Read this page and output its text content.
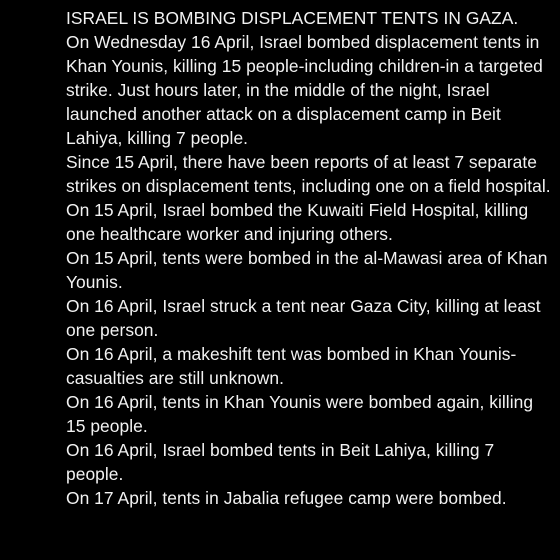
ISRAEL IS BOMBING DISPLACEMENT TENTS IN GAZA.

On Wednesday 16 April, Israel bombed displacement tents in Khan Younis, killing 15 people-including children-in a targeted strike. Just hours later, in the middle of the night, Israel launched another attack on a displacement camp in Beit Lahiya, killing 7 people.

Since 15 April, there have been reports of at least 7 separate strikes on displacement tents, including one on a field hospital.

On 15 April, Israel bombed the Kuwaiti Field Hospital, killing one healthcare worker and injuring others.

On 15 April, tents were bombed in the al-Mawasi area of Khan Younis.

On 16 April, Israel struck a tent near Gaza City, killing at least one person.

On 16 April, a makeshift tent was bombed in Khan Younis-casualties are still unknown.

On 16 April, tents in Khan Younis were bombed again, killing 15 people.

On 16 April, Israel bombed tents in Beit Lahiya, killing 7 people.

On 17 April, tents in Jabalia refugee camp were bombed.
